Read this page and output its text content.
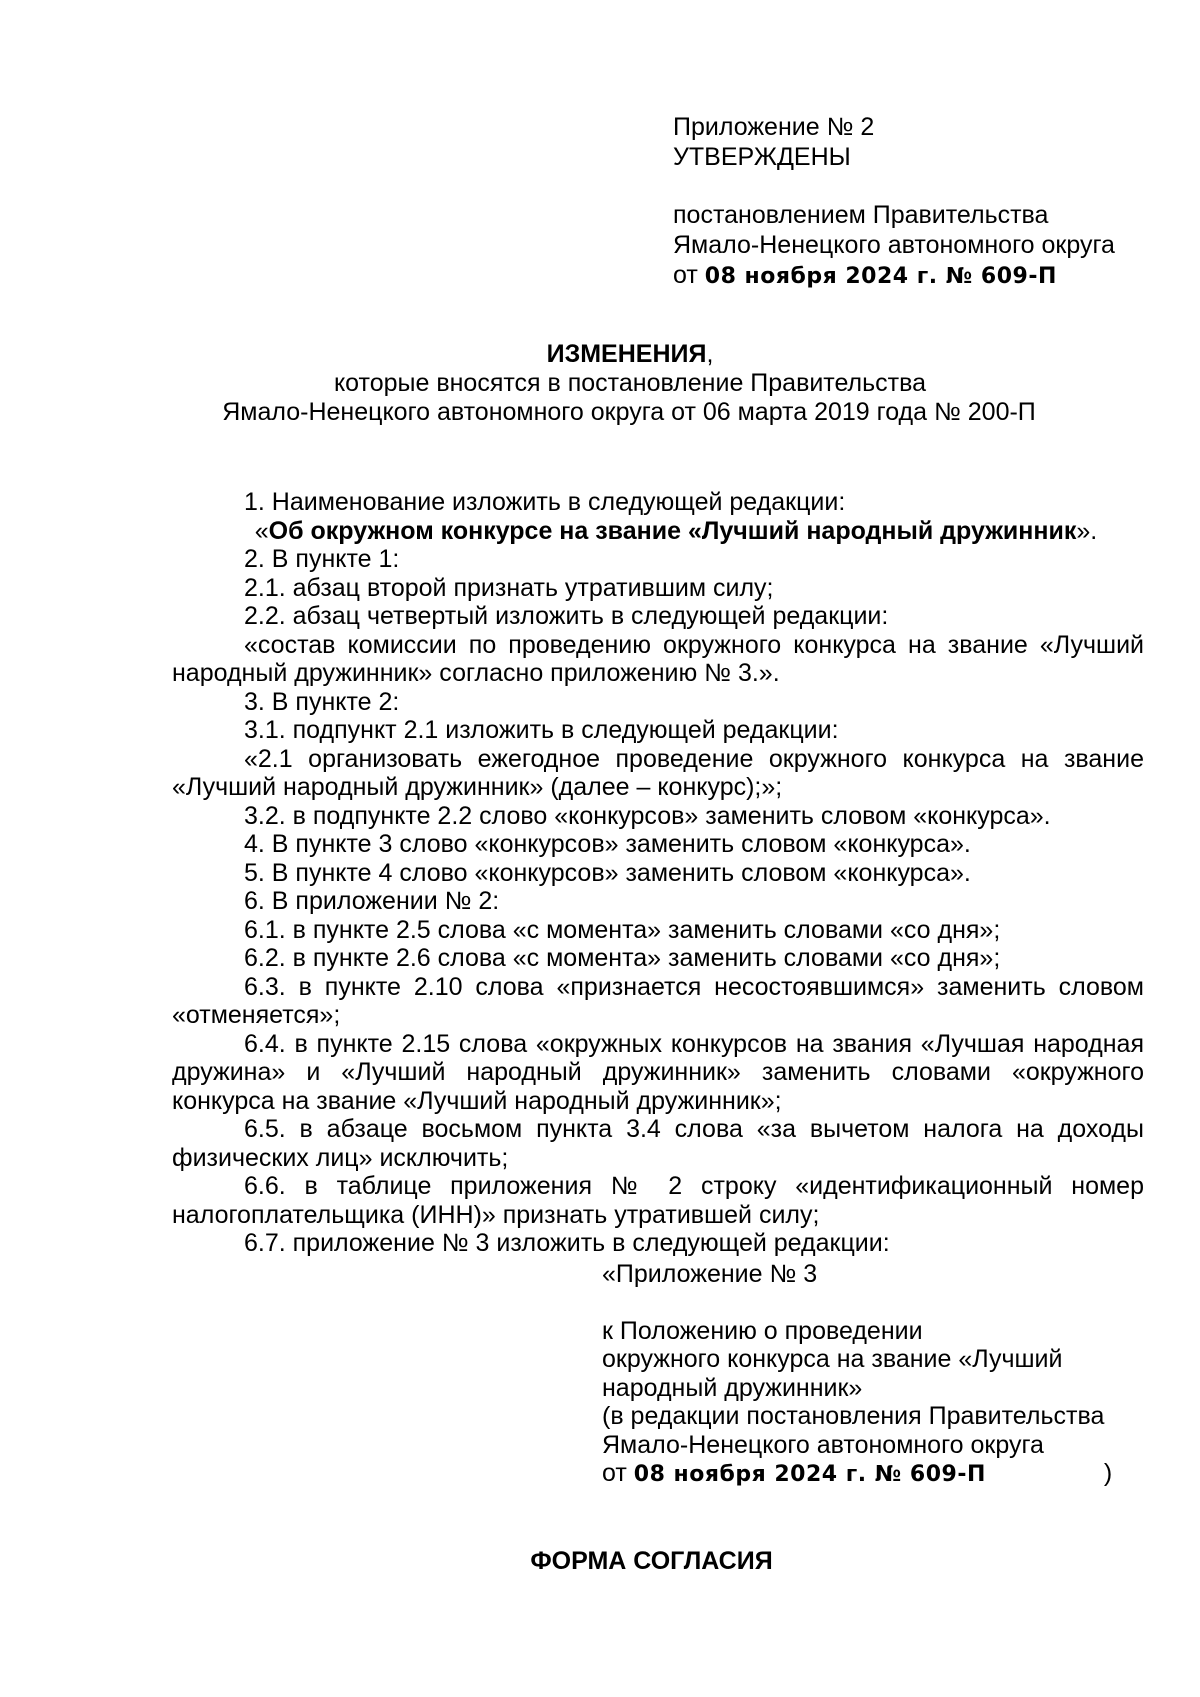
Приложение № 2
УТВЕРЖДЕНЫ
постановлением Правительства
Ямало-Ненецкого автономного округа
от 08 ноября 2024 г. № 609-П
ИЗМЕНЕНИЯ,
которые вносятся в постановление Правительства
Ямало-Ненецкого автономного округа от 06 марта 2019 года № 200-П

1. Наименование изложить в следующей редакции:

«Об окружном конкурсе на звание «Лучший народный дружинник».

2. В пункте 1:

2.1. абзац второй признать утратившим силу;

2.2. абзац четвертый изложить в следующей редакции:

«состав комиссии по проведению окружного конкурса на звание «Лучший народный дружинник» согласно приложению № 3.».

3. В пункте 2:

3.1. подпункт 2.1 изложить в следующей редакции:

«2.1 организовать ежегодное проведение окружного конкурса на звание «Лучший народный дружинник» (далее – конкурс);»;

3.2. в подпункте 2.2 слово «конкурсов» заменить словом «конкурса».

4. В пункте 3 слово «конкурсов» заменить словом «конкурса».

5. В пункте 4 слово «конкурсов» заменить словом «конкурса».

6. В приложении № 2:

6.1. в пункте 2.5 слова «с момента» заменить словами «со дня»;

6.2. в пункте 2.6 слова «с момента» заменить словами «со дня»;

6.3. в пункте 2.10 слова «признается несостоявшимся» заменить словом «отменяется»;

6.4. в пункте 2.15 слова «окружных конкурсов на звания «Лучшая народная дружина» и «Лучший народный дружинник» заменить словами «окружного конкурса на звание «Лучший народный дружинник»;

6.5. в абзаце восьмом пункта 3.4 слова «за вычетом налога на доходы физических лиц» исключить;

6.6. в таблице приложения № 2 строку «идентификационный номер налогоплательщика (ИНН)» признать утратившей силу;

6.7. приложение № 3 изложить в следующей редакции:

«Приложение № 3
к Положению о проведении
окружного конкурса на звание «Лучший
народный дружинник»
(в редакции постановления Правительства
Ямало-Ненецкого автономного округа
от 08 ноября 2024 г. № 609-П	)
ФОРМА СОГЛАСИЯ
